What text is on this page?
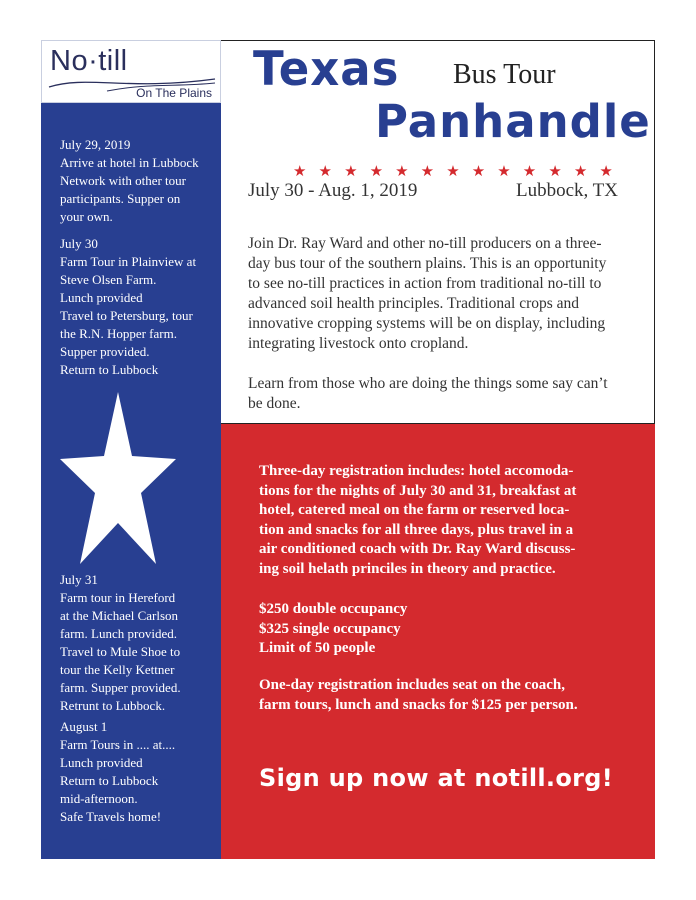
No·till
On The Plains
July 29, 2019
Arrive at hotel in Lubbock
Network with other tour
participants. Supper on
your own.
July 30
Farm Tour in Plainview at
Steve Olsen Farm.
Lunch provided
Travel to Petersburg, tour
the R.N. Hopper farm.
Supper provided.
Return to Lubbock
July 31
Farm tour in Hereford
at the Michael Carlson
farm. Lunch provided.
Travel to Mule Shoe to
tour the Kelly Kettner
farm. Supper provided.
Retrunt to Lubbock.
August 1
Farm Tours in .... at....
Lunch provided
Return to Lubbock
mid-afternoon.
Safe Travels home!
Texas Bus Tour
Panhandle
★ ★ ★ ★ ★ ★ ★ ★ ★ ★ ★ ★ ★
July 30 - Aug. 1, 2019	Lubbock, TX

Join Dr. Ray Ward and other no-till producers on a three-day bus tour of the southern plains. This is an opportunity to see no-till practices in action from traditional no-till to advanced soil health principles. Traditional crops and innovative cropping systems will be on display, including integrating livestock onto cropland.

Learn from those who are doing the things some say can’t be done.

Three-day registration includes: hotel accomoda-
tions for the nights of July 30 and 31, breakfast at
hotel, catered meal on the farm or reserved loca-
tion and snacks for all three days, plus travel in a
air conditioned coach with Dr. Ray Ward discuss-
ing soil helath princiles in theory and practice.
$250 double occupancy
$325 single occupancy
Limit of 50 people
One-day registration includes seat on the coach,
farm tours, lunch and snacks for $125 per person.
Sign up now at notill.org!
